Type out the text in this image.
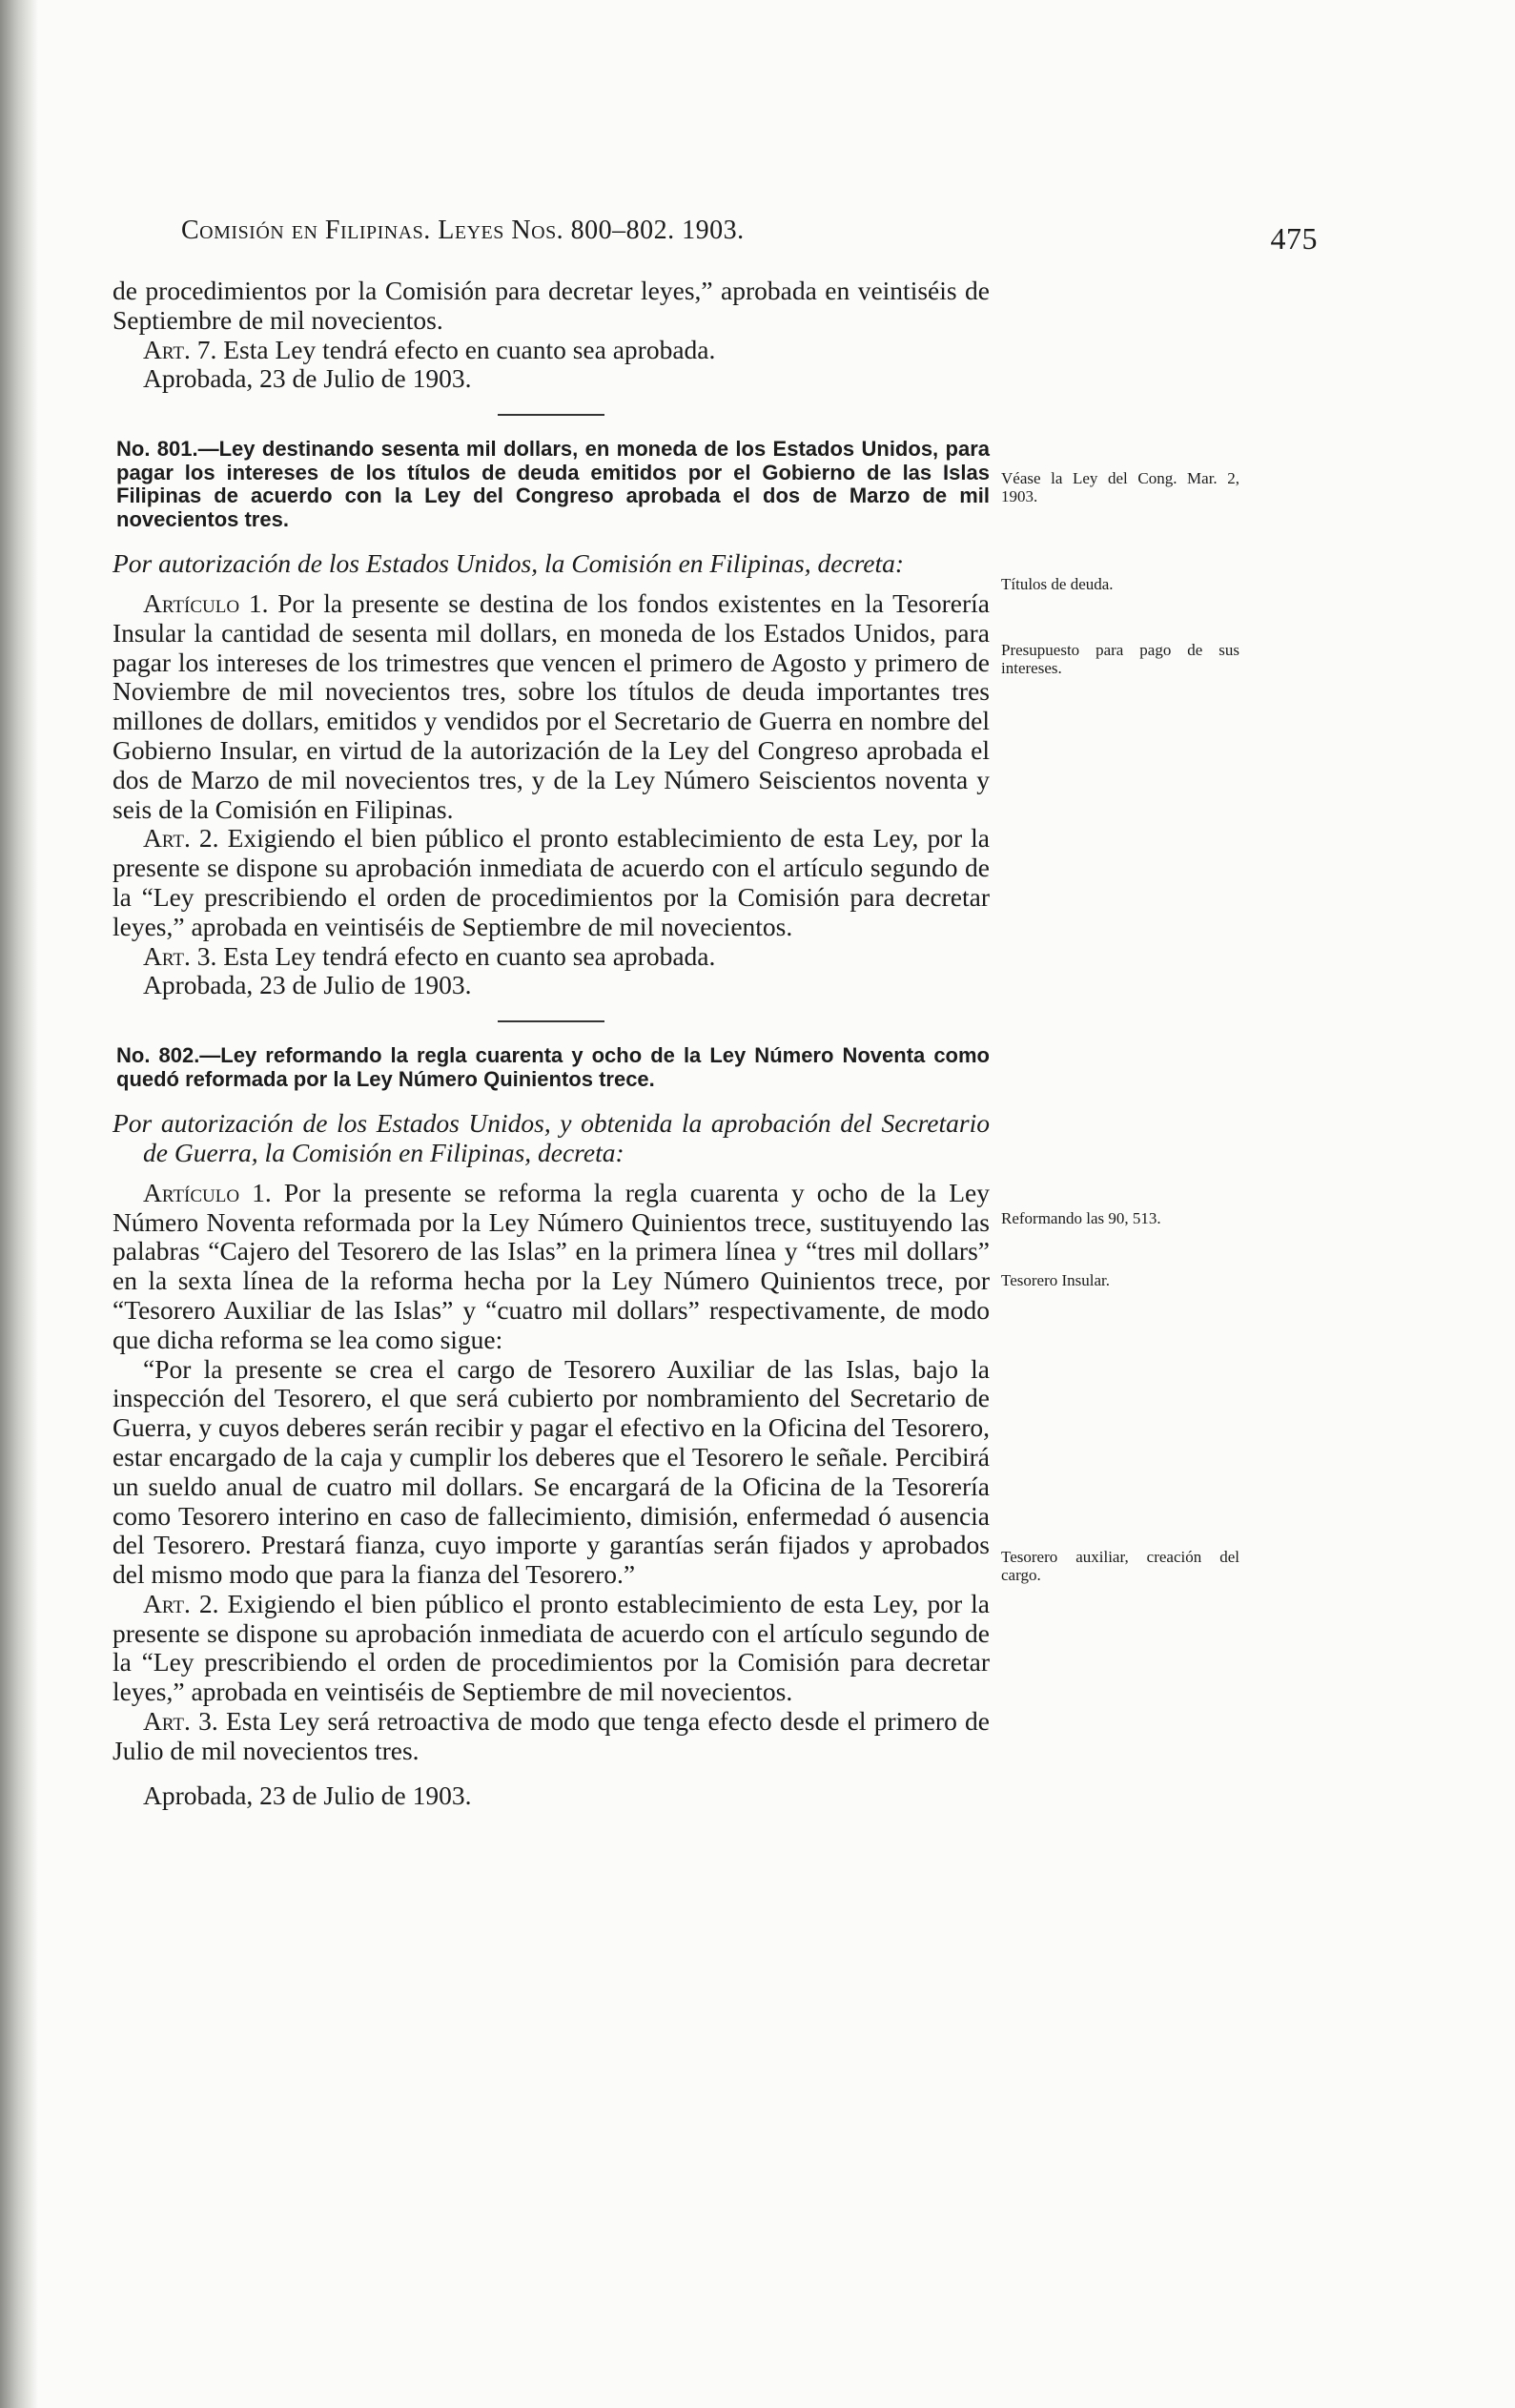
Comisión en Filipinas. Leyes Nos. 800–802. 1903.	475

de procedimientos por la Comisión para decretar leyes,” aprobada en veintiséis de Septiembre de mil novecientos.

Art. 7. Esta Ley tendrá efecto en cuanto sea aprobada.

Aprobada, 23 de Julio de 1903.

No. 801.—Ley destinando sesenta mil dollars, en moneda de los Estados Unidos, para pagar los intereses de los títulos de deuda emitidos por el Gobierno de las Islas Filipinas de acuerdo con la Ley del Congreso aprobada el dos de Marzo de mil novecientos tres.

Por autorización de los Estados Unidos, la Comisión en Filipinas, decreta:

Artículo 1. Por la presente se destina de los fondos existentes en la Tesorería Insular la cantidad de sesenta mil dollars, en moneda de los Estados Unidos, para pagar los intereses de los trimestres que vencen el primero de Agosto y primero de Noviembre de mil novecientos tres, sobre los títulos de deuda importantes tres millones de dollars, emitidos y vendidos por el Secretario de Guerra en nombre del Gobierno Insular, en virtud de la autorización de la Ley del Congreso aprobada el dos de Marzo de mil novecientos tres, y de la Ley Número Seiscientos noventa y seis de la Comisión en Filipinas.

Art. 2. Exigiendo el bien público el pronto establecimiento de esta Ley, por la presente se dispone su aprobación inmediata de acuerdo con el artículo segundo de la “Ley prescribiendo el orden de procedimientos por la Comisión para decretar leyes,” aprobada en veintiséis de Septiembre de mil novecientos.

Art. 3. Esta Ley tendrá efecto en cuanto sea aprobada.

Aprobada, 23 de Julio de 1903.

No. 802.—Ley reformando la regla cuarenta y ocho de la Ley Número Noventa como quedó reformada por la Ley Número Quinientos trece.

Por autorización de los Estados Unidos, y obtenida la aprobación del Secretario de Guerra, la Comisión en Filipinas, decreta:

Artículo 1. Por la presente se reforma la regla cuarenta y ocho de la Ley Número Noventa reformada por la Ley Número Quinientos trece, sustituyendo las palabras “Cajero del Tesorero de las Islas” en la primera línea y “tres mil dollars” en la sexta línea de la reforma hecha por la Ley Número Quinientos trece, por “Tesorero Auxiliar de las Islas” y “cuatro mil dollars” respectivamente, de modo que dicha reforma se lea como sigue:

“Por la presente se crea el cargo de Tesorero Auxiliar de las Islas, bajo la inspección del Tesorero, el que será cubierto por nombramiento del Secretario de Guerra, y cuyos deberes serán recibir y pagar el efectivo en la Oficina del Tesorero, estar encargado de la caja y cumplir los deberes que el Tesorero le señale. Percibirá un sueldo anual de cuatro mil dollars. Se encargará de la Oficina de la Tesorería como Tesorero interino en caso de fallecimiento, dimisión, enfermedad ó ausencia del Tesorero. Prestará fianza, cuyo importe y garantías serán fijados y aprobados del mismo modo que para la fianza del Tesorero.”

Art. 2. Exigiendo el bien público el pronto establecimiento de esta Ley, por la presente se dispone su aprobación inmediata de acuerdo con el artículo segundo de la “Ley prescribiendo el orden de procedimientos por la Comisión para decretar leyes,” aprobada en veintiséis de Septiembre de mil novecientos.

Art. 3. Esta Ley será retroactiva de modo que tenga efecto desde el primero de Julio de mil novecientos tres.

Aprobada, 23 de Julio de 1903.

Véase la Ley del Cong. Mar. 2, 1903.

Títulos de deuda.

Presupuesto para pago de sus intereses.

Reformando las 90, 513.

Tesorero Insular.

Tesorero auxiliar, creación del cargo.
